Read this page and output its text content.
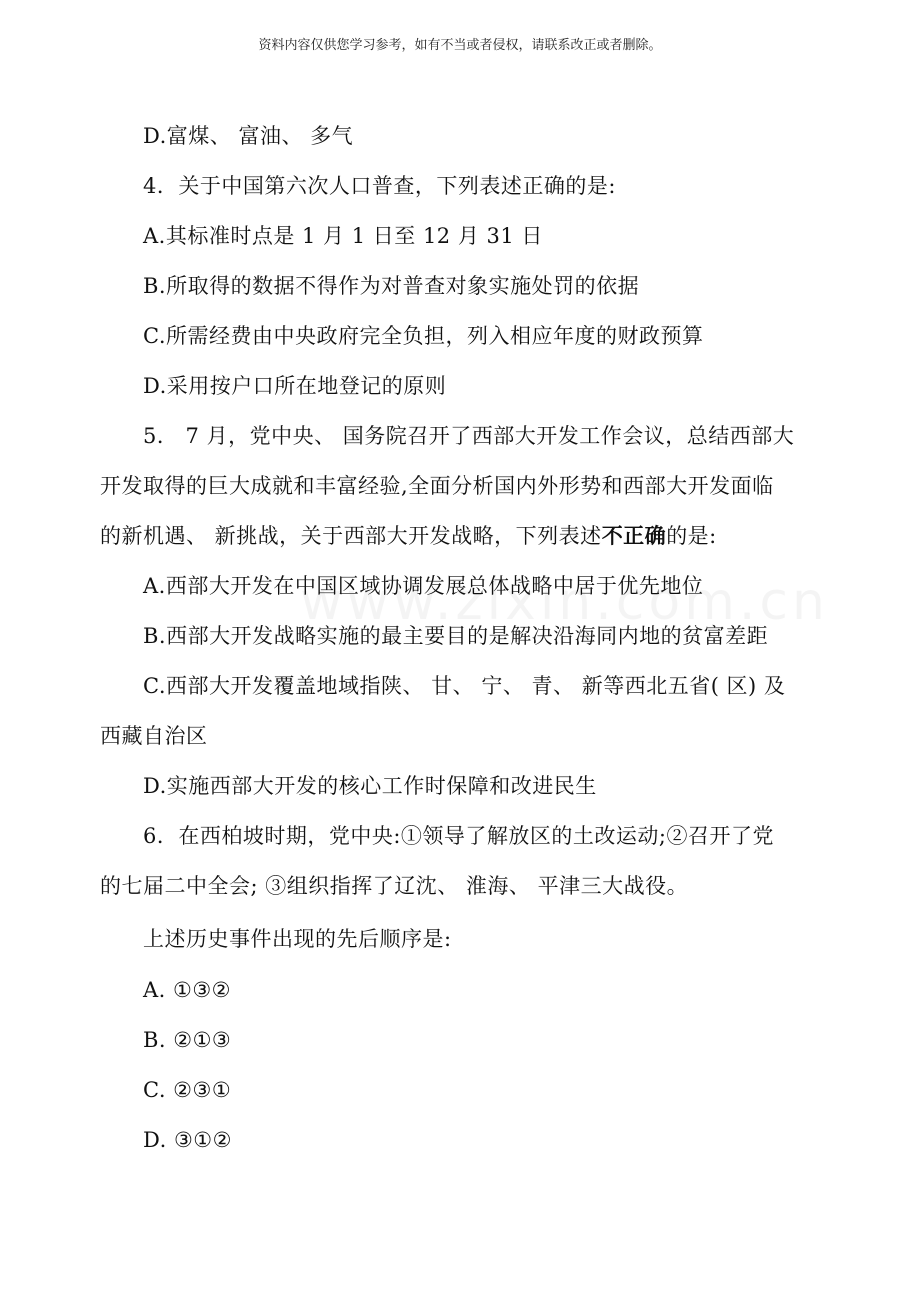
资料内容仅供您学习参考，如有不当或者侵权，请联系改正或者删除。
D.富煤、 富油、 多气
4．关于中国第六次人口普查，下列表述正确的是:
A.其标准时点是 1 月 1 日至 12 月 31 日
B.所取得的数据不得作为对普查对象实施处罚的依据
C.所需经费由中央政府完全负担，列入相应年度的财政预算
D.采用按户口所在地登记的原则
5． 7 月，党中央、 国务院召开了西部大开发工作会议，总结西部大
开发取得的巨大成就和丰富经验,全面分析国内外形势和西部大开发面临
的新机遇、 新挑战，关于西部大开发战略，下列表述不正确的是:
A.西部大开发在中国区域协调发展总体战略中居于优先地位
B.西部大开发战略实施的最主要目的是解决沿海同内地的贫富差距
C.西部大开发覆盖地域指陕、 甘、 宁、 青、 新等西北五省( 区) 及
西藏自治区
D.实施西部大开发的核心工作时保障和改进民生
6．在西柏坡时期，党中央:①领导了解放区的土改运动;②召开了党
的七届二中全会; ③组织指挥了辽沈、 淮海、 平津三大战役。
上述历史事件出现的先后顺序是:
A. ①③②
B. ②①③
C. ②③①
D. ③①②
